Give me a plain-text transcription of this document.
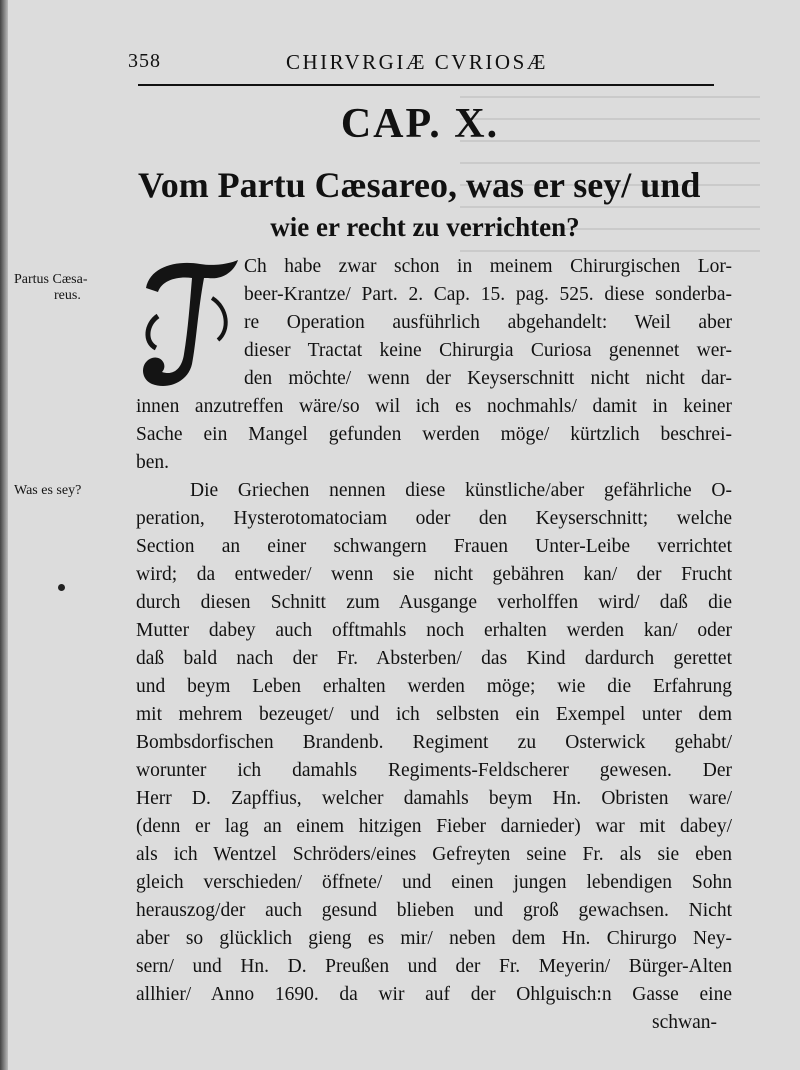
358	CHIRVRGIÆ CVRIOSÆ
CAP. X.
Vom Partu Cæsareo, was er sey/ und
wie er recht zu verrichten?
Partus Cæsa-
reus.
Was es sey?
Ch habe zwar schon in meinem Chirurgischen Lor-
beer-Krantze/ Part. 2. Cap. 15. pag. 525. diese sonderba-
re Operation ausführlich abgehandelt: Weil aber
dieser Tractat keine Chirurgia Curiosa genennet wer-
den möchte/ wenn der Keyserschnitt nicht nicht dar-
innen anzutreffen wäre/so wil ich es nochmahls/ damit in keiner
Sache ein Mangel gefunden werden möge/ kürtzlich beschrei-
ben.
Die Griechen nennen diese künstliche/aber gefährliche O-
peration, Hysterotomatociam oder den Keyserschnitt; welche
Section an einer schwangern Frauen Unter-Leibe verrichtet
wird; da entweder/ wenn sie nicht gebähren kan/ der Frucht
durch diesen Schnitt zum Ausgange verholffen wird/ daß die
Mutter dabey auch offtmahls noch erhalten werden kan/ oder
daß bald nach der Fr. Absterben/ das Kind dardurch gerettet
und beym Leben erhalten werden möge; wie die Erfahrung
mit mehrem bezeuget/ und ich selbsten ein Exempel unter dem
Bombsdorfischen Brandenb. Regiment zu Osterwick gehabt/
worunter ich damahls Regiments-Feldscherer gewesen. Der
Herr D. Zapffius, welcher damahls beym Hn. Obristen ware/
(denn er lag an einem hitzigen Fieber darnieder) war mit dabey/
als ich Wentzel Schröders/eines Gefreyten seine Fr. als sie eben
gleich verschieden/ öffnete/ und einen jungen lebendigen Sohn
herauszog/der auch gesund blieben und groß gewachsen. Nicht
aber so glücklich gieng es mir/ neben dem Hn. Chirurgo Ney-
sern/ und Hn. D. Preußen und der Fr. Meyerin/ Bürger-Alten
allhier/ Anno 1690. da wir auf der Ohlguisch:n Gasse eine
schwan-
